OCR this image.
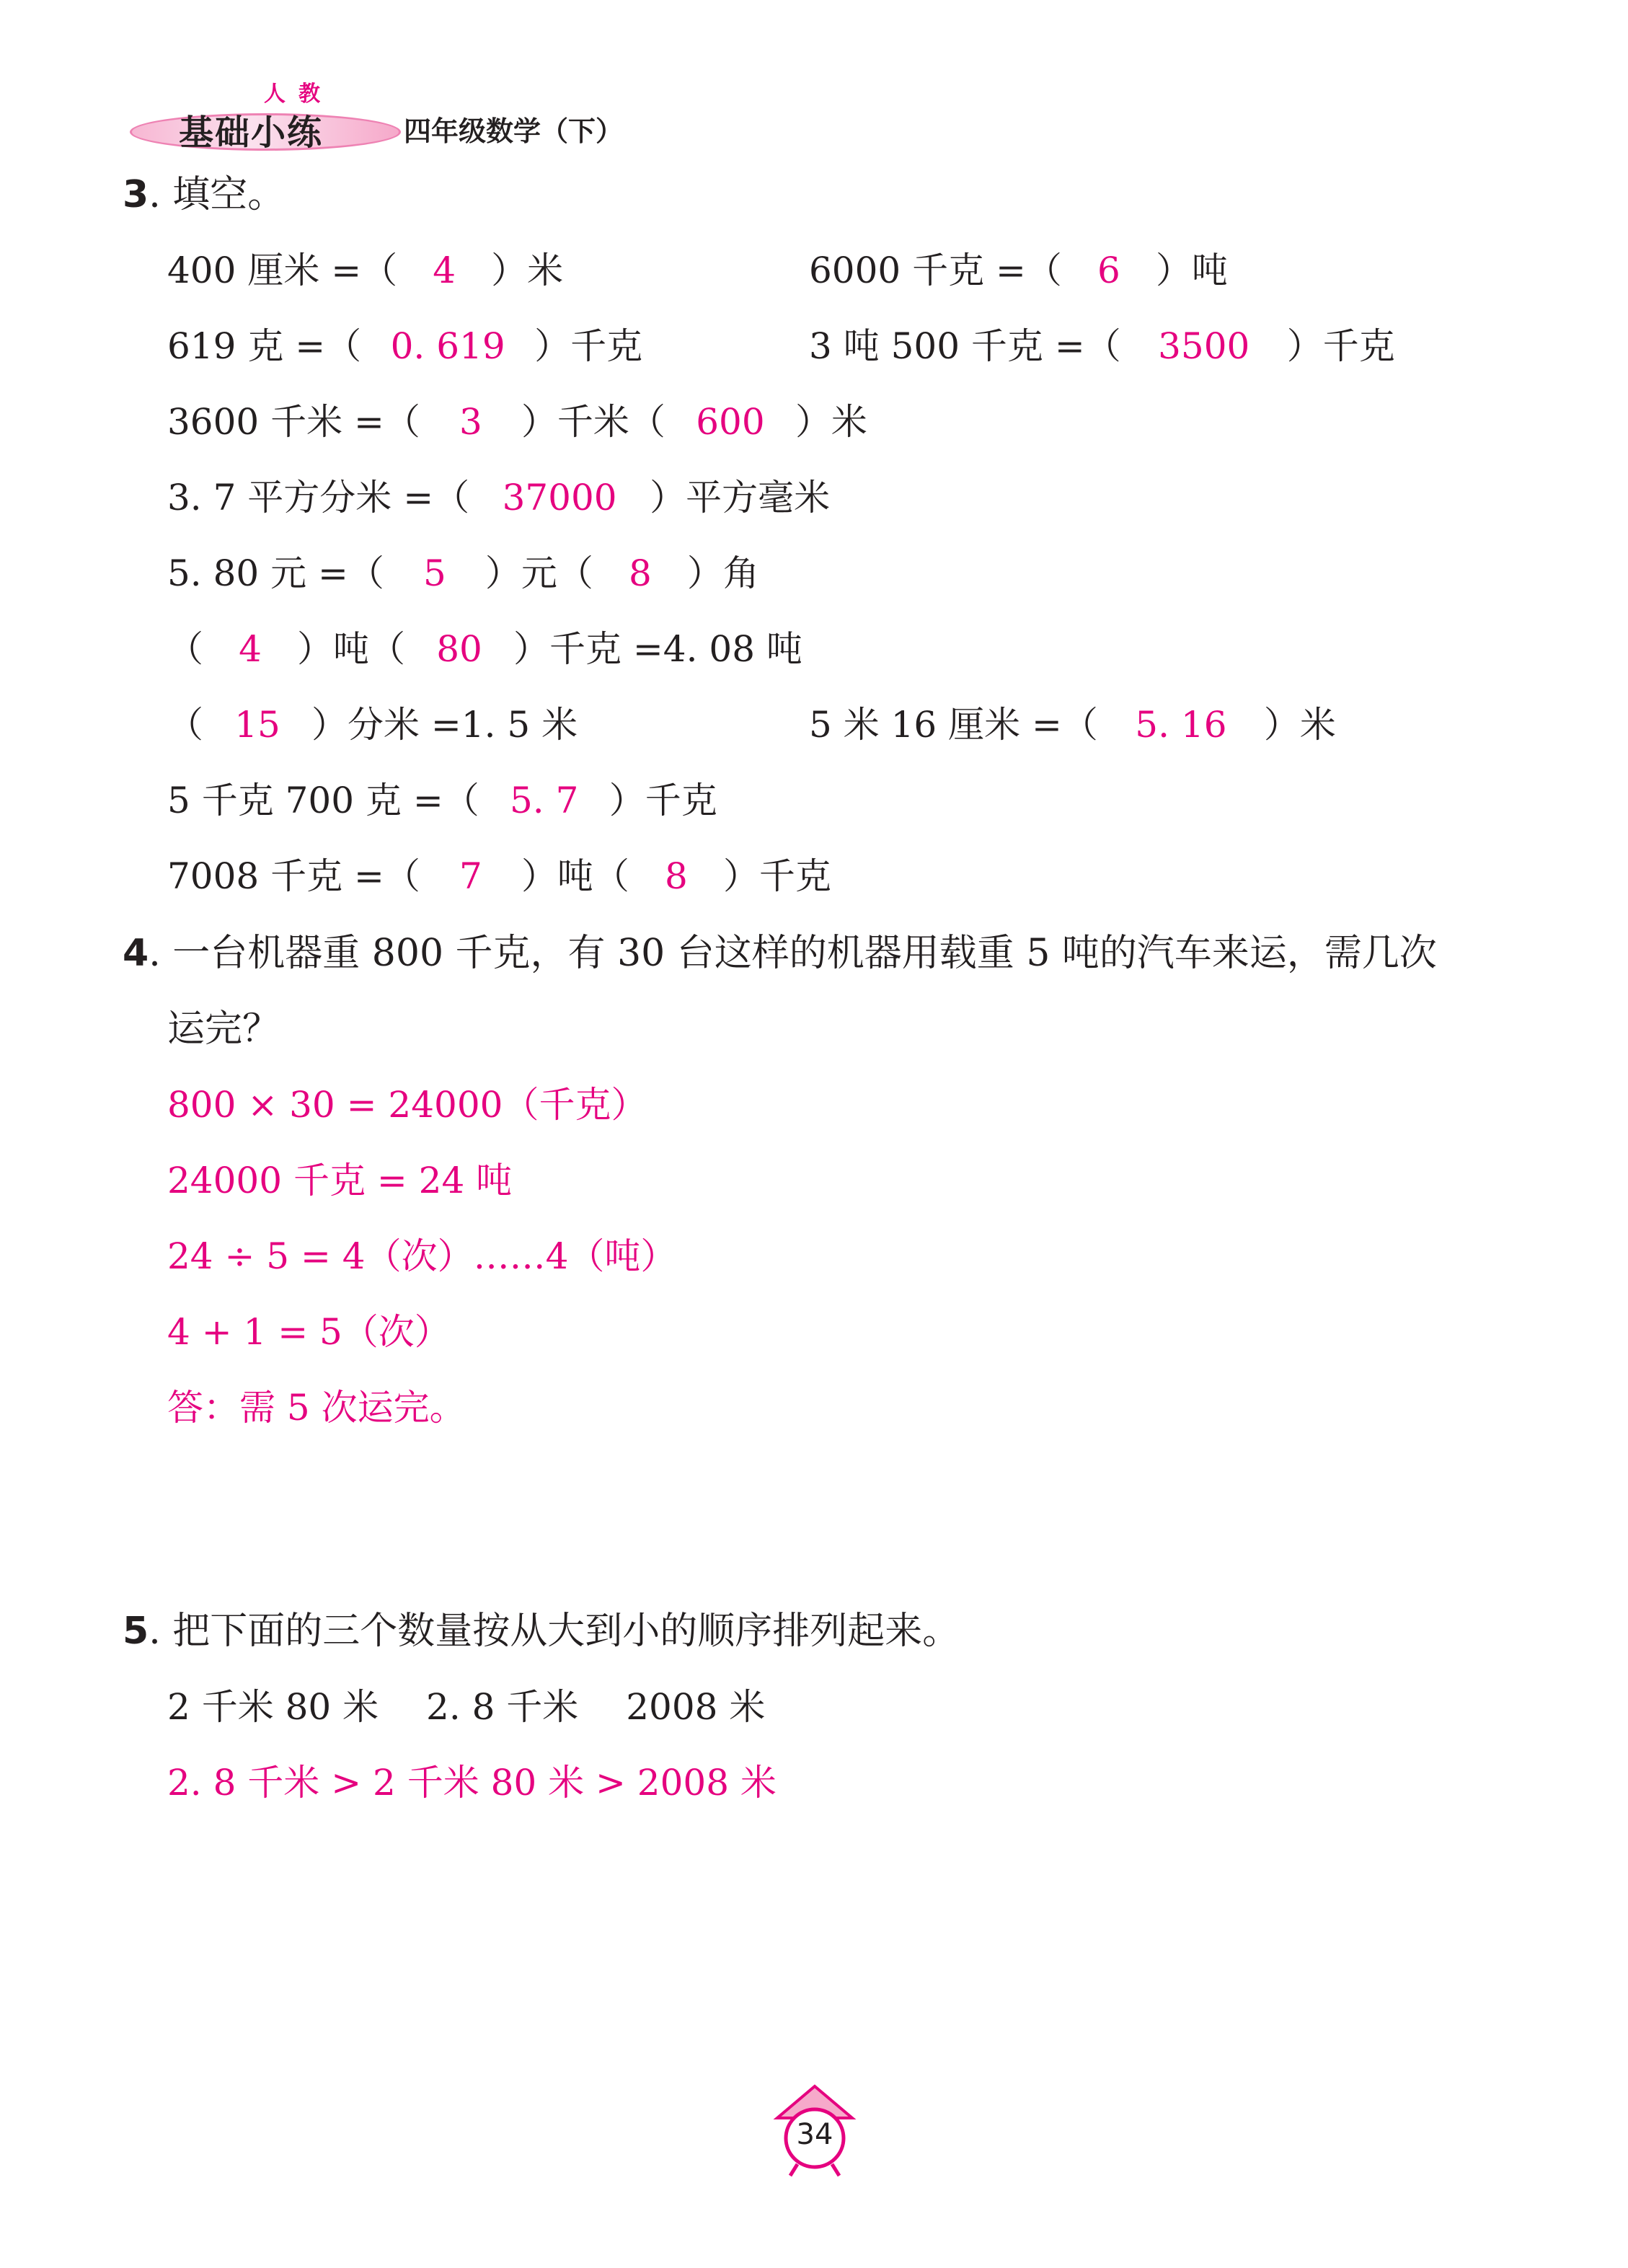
人教
基础小练	四年级数学（下）
3. 填空。
400 厘米 =（ 4 ）米	6000 千克 =（ 6 ）吨
619 克 =（ 0. 619 ）千克	3 吨 500 千克 =（ 3500 ）千克
3600 千米 =（ 3 ）千米（ 600 ）米
3. 7 平方分米 =（ 37000 ）平方毫米
5. 80 元 =（ 5 ）元（ 8 ）角
（ 4 ）吨（ 80 ）千克 =4. 08 吨
（ 15 ）分米 =1. 5 米	5 米 16 厘米 =（ 5. 16 ）米
5 千克 700 克 =（ 5. 7 ）千克
7008 千克 =（ 7 ）吨（ 8 ）千克
4. 一台机器重 800 千克，有 30 台这样的机器用载重 5 吨的汽车来运，需几次
运完？
800 × 30 = 24000（千克）
24000 千克 = 24 吨
24 ÷ 5 = 4（次）……4（吨）
4 + 1 = 5（次）
答：需 5 次运完。
5. 把下面的三个数量按从大到小的顺序排列起来。
2 千米 80 米　 2. 8 千米　 2008 米
2. 8 千米 > 2 千米 80 米 > 2008 米
34
